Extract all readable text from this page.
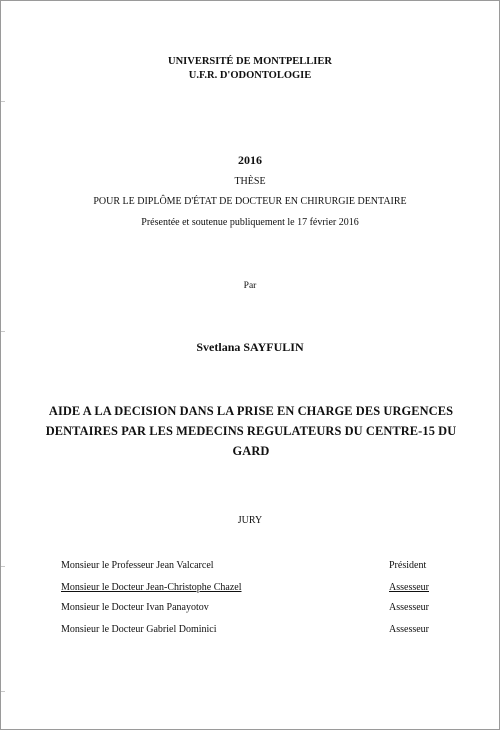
UNIVERSITÉ DE MONTPELLIER
U.F.R. D'ODONTOLOGIE
2016
THÈSE
POUR LE DIPLÔME D'ÉTAT DE DOCTEUR EN CHIRURGIE DENTAIRE
Présentée et soutenue publiquement le 17 février 2016
Par
Svetlana SAYFULIN
AIDE A LA DECISION DANS LA PRISE EN CHARGE DES URGENCES
DENTAIRES PAR LES MEDECINS REGULATEURS DU CENTRE-15 DU
GARD
JURY
Monsieur le Professeur Jean Valcarcel	Président
Monsieur le Docteur Jean-Christophe Chazel	Assesseur
Monsieur le Docteur Ivan Panayotov	Assesseur
Monsieur le Docteur Gabriel Dominici	Assesseur
